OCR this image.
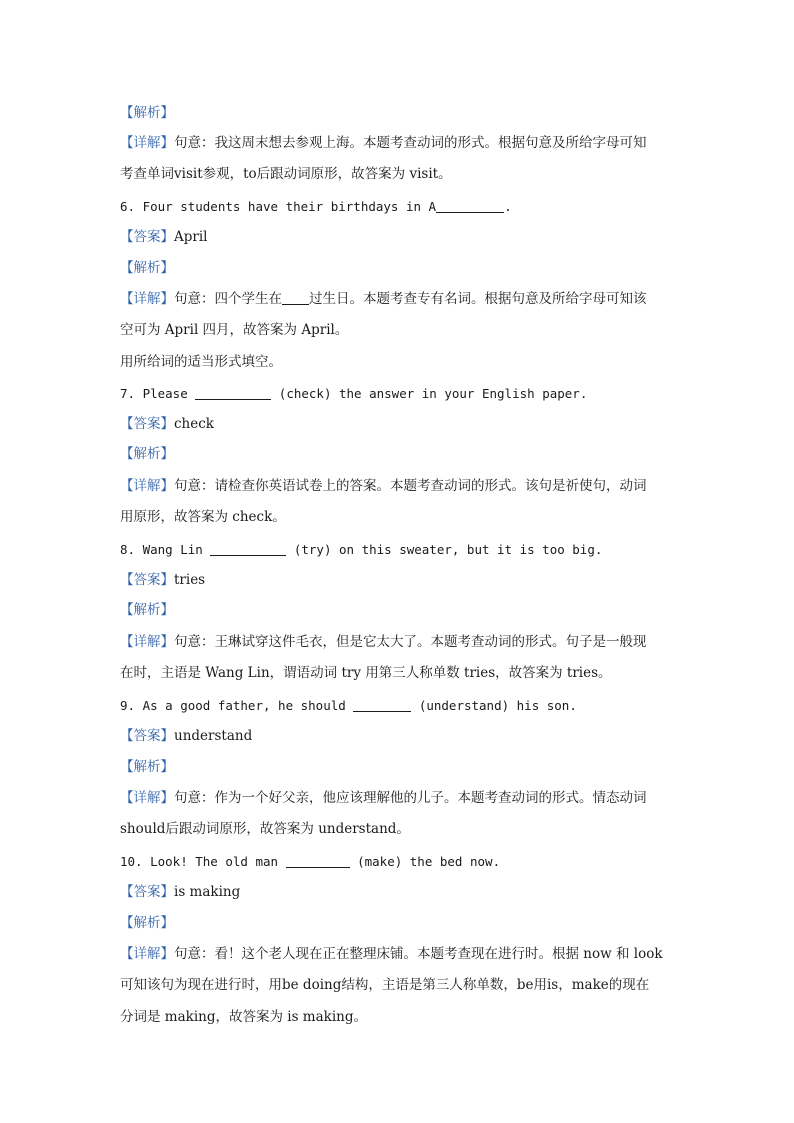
【解析】
【详解】句意：我这周末想去参观上海。本题考查动词的形式。根据句意及所给字母可知
考查单词visit参观，to后跟动词原形，故答案为 visit。
6. Four students have their birthdays in A	.
【答案】April
【解析】
【详解】句意：四个学生在 过生日。本题考查专有名词。根据句意及所给字母可知该
空可为 April 四月，故答案为 April。
用所给词的适当形式填空。
7. Please	(check) the answer in your English paper.
【答案】check
【解析】
【详解】句意：请检查你英语试卷上的答案。本题考查动词的形式。该句是祈使句，动词
用原形，故答案为 check。
8. Wang Lin	(try) on this sweater, but it is too big.
【答案】tries
【解析】
【详解】句意：王琳试穿这件毛衣，但是它太大了。本题考查动词的形式。句子是一般现
在时，主语是 Wang Lin，谓语动词 try 用第三人称单数 tries，故答案为 tries。
9. As a good father, he should	(understand) his son.
【答案】understand
【解析】
【详解】句意：作为一个好父亲，他应该理解他的儿子。本题考查动词的形式。情态动词
should后跟动词原形，故答案为 understand。
10. Look! The old man	(make) the bed now.
【答案】is making
【解析】
【详解】句意：看！这个老人现在正在整理床铺。本题考查现在进行时。根据 now 和 look
可知该句为现在进行时，用be doing结构，主语是第三人称单数，be用is，make的现在
分词是 making，故答案为 is making。
